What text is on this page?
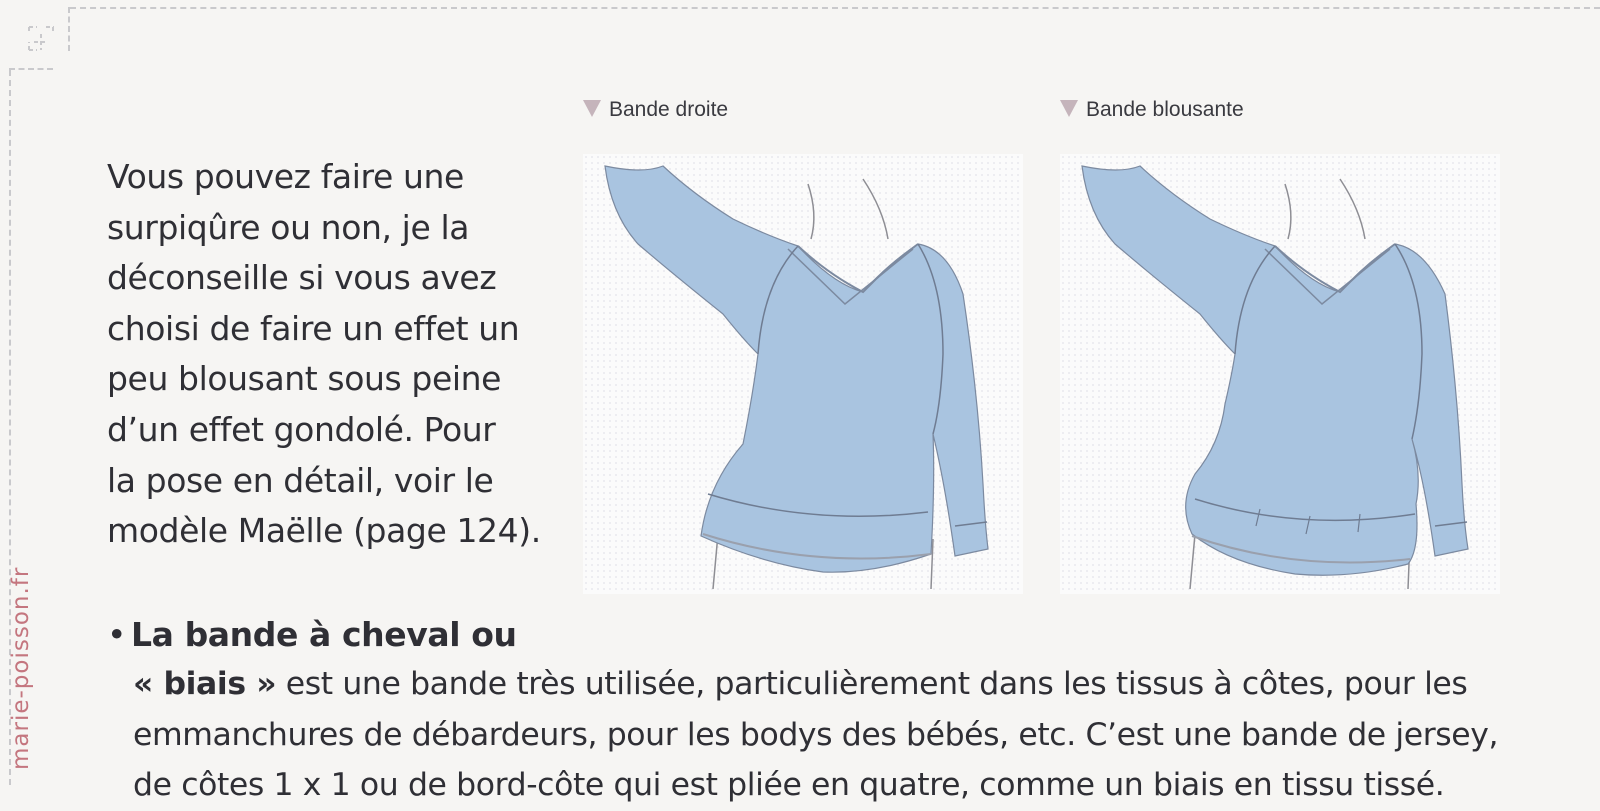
marie-poisson.fr
Vous pouvez faire une
surpiqûre ou non, je la
déconseille si vous avez
choisi de faire un effet un
peu blousant sous peine
d’un effet gondolé. Pour
la pose en détail, voir le
modèle Maëlle (page 124).
Bande droite	Bande blousante
• La bande à cheval ou
« biais » est une bande très utilisée, particulièrement dans les tissus à côtes, pour les
emmanchures de débardeurs, pour les bodys des bébés, etc. C’est une bande de jersey,
de côtes 1 x 1 ou de bord-côte qui est pliée en quatre, comme un biais en tissu tissé.
